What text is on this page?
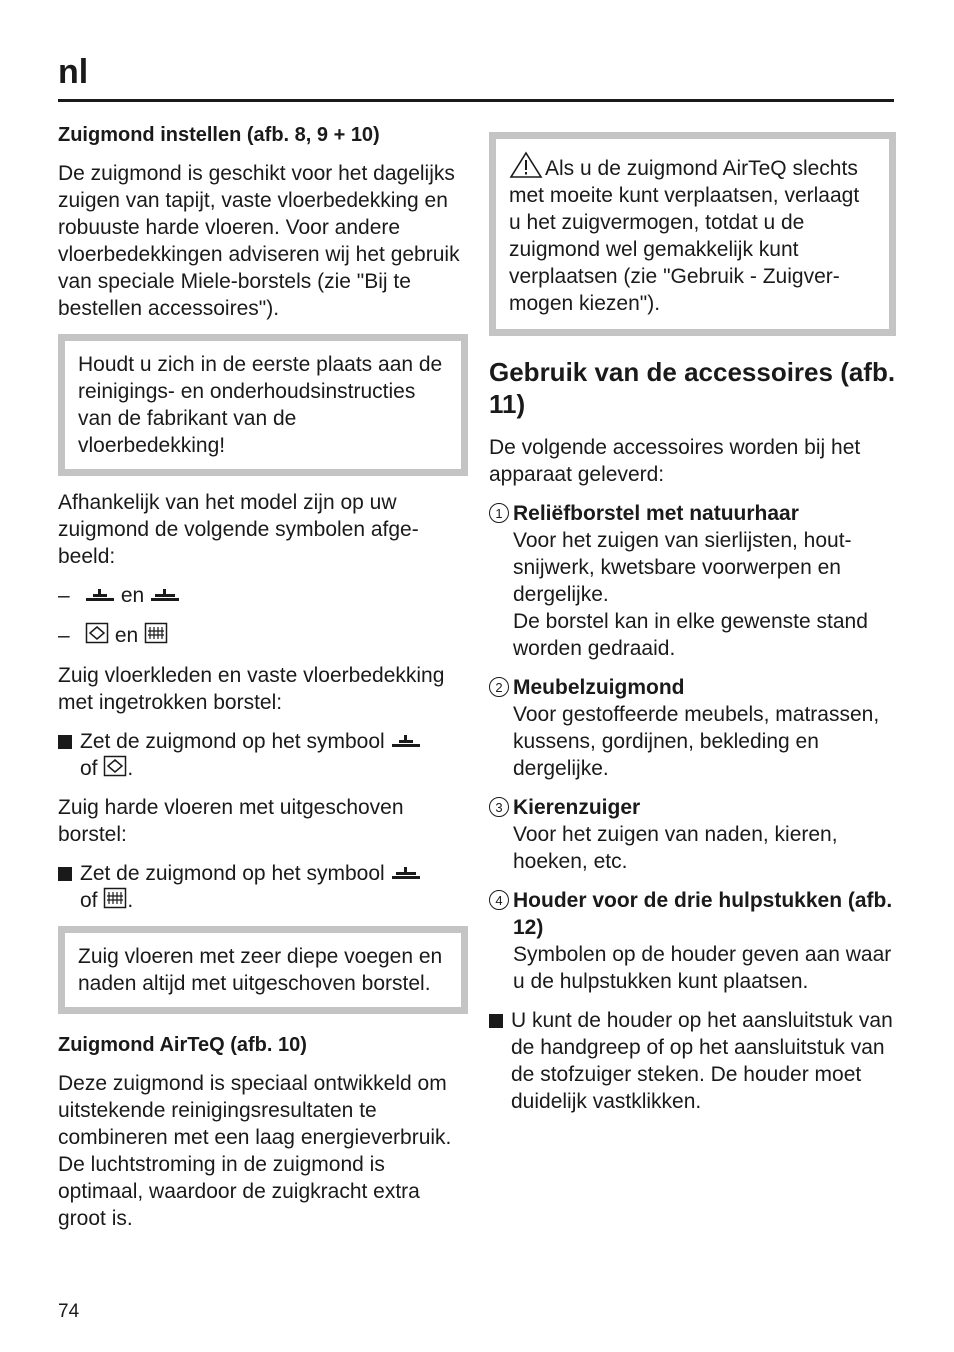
nl
Zuigmond instellen (afb. 8, 9 + 10)
De zuigmond is geschikt voor het dagelijks zuigen van tapijt, vaste vloerbedekking en robuuste harde vloeren. Voor andere vloerbedekkingen adviseren wij het gebruik van speciale Miele-borstels (zie "Bij te bestellen accessoires").
Houdt u zich in de eerste plaats aan de reinigings- en onderhoudsinstructies van de fabrikant van de vloerbedekking!
Afhankelijk van het model zijn op uw zuigmond de volgende symbolen afgebeeld:
–	en
–	en
Zuig vloerkleden en vaste vloerbedekking met ingetrokken borstel:
Zet de zuigmond op het symbool
of .
Zuig harde vloeren met uitgeschoven borstel:
Zet de zuigmond op het symbool
of .
Zuig vloeren met zeer diepe voegen en naden altijd met uitgeschoven borstel.
Zuigmond AirTeQ (afb. 10)
Deze zuigmond is speciaal ontwikkeld om uitstekende reinigingsresultaten te combineren met een laag energieverbruik. De luchtstroming in de zuigmond is optimaal, waardoor de zuigkracht extra groot is.
Als u de zuigmond AirTeQ slechts met moeite kunt verplaatsen, verlaagt u het zuigvermogen, totdat u de zuigmond wel gemakkelijk kunt verplaatsen (zie "Gebruik - Zuigvermogen kiezen").
Gebruik van de accessoires (afb. 11)
De volgende accessoires worden bij het apparaat geleverd:
1 Reliëfborstel met natuurhaar
Voor het zuigen van sierlijsten, houtsnijwerk, kwetsbare voorwerpen en dergelijke.
De borstel kan in elke gewenste stand worden gedraaid.
2 Meubelzuigmond
Voor gestoffeerde meubels, matrassen, kussens, gordijnen, bekleding en dergelijke.
3 Kierenzuiger
Voor het zuigen van naden, kieren, hoeken, etc.
4 Houder voor de drie hulpstukken (afb. 12)
Symbolen op de houder geven aan waar u de hulpstukken kunt plaatsen.
U kunt de houder op het aansluitstuk van de handgreep of op het aansluitstuk van de stofzuiger steken. De houder moet duidelijk vastklikken.
74
